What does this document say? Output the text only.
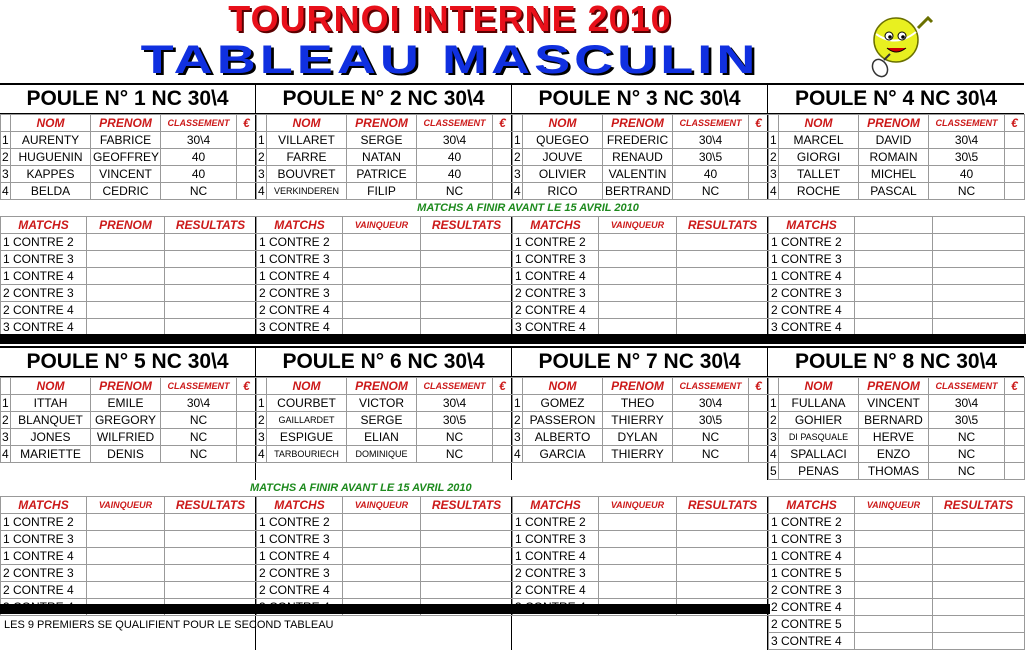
TOURNOI INTERNE 2010
TABLEAU MASCULIN
POULE N° 1 NC 30\4
	NOM	PRENOM	CLASSEMENT	€
1	AURENTY	FABRICE	30\4	
2	HUGUENIN	GEOFFREY	40	
3	KAPPES	VINCENT	40	
4	BELDA	CEDRIC	NC	
POULE N° 2 NC 30\4
	NOM	PRENOM	CLASSEMENT	€
1	VILLARET	SERGE	30\4	
2	FARRE	NATAN	40	
3	BOUVRET	PATRICE	40	
4	VERKINDEREN	FILIP	NC	
POULE N° 3 NC 30\4
	NOM	PRENOM	CLASSEMENT	€
1	QUEGEO	FREDERIC	30\4	
2	JOUVE	RENAUD	30\5	
3	OLIVIER	VALENTIN	40	
4	RICO	BERTRAND	NC	
POULE N° 4 NC 30\4
	NOM	PRENOM	CLASSEMENT	€
1	MARCEL	DAVID	30\4	
2	GIORGI	ROMAIN	30\5	
3	TALLET	MICHEL	40	
4	ROCHE	PASCAL	NC	
MATCHS A FINIR AVANT LE 15 AVRIL 2010
MATCHS	PRENOM	RESULTATS
1 CONTRE 2		
1 CONTRE 3		
1 CONTRE 4		
2 CONTRE 3		
2 CONTRE 4		
3 CONTRE 4		
MATCHS	VAINQUEUR	RESULTATS
1 CONTRE 2		
1 CONTRE 3		
1 CONTRE 4		
2 CONTRE 3		
2 CONTRE 4		
3 CONTRE 4		
MATCHS	VAINQUEUR	RESULTATS
1 CONTRE 2		
1 CONTRE 3		
1 CONTRE 4		
2 CONTRE 3		
2 CONTRE 4		
3 CONTRE 4		
MATCHS		
1 CONTRE 2		
1 CONTRE 3		
1 CONTRE 4		
2 CONTRE 3		
2 CONTRE 4		
3 CONTRE 4		
POULE N° 5 NC 30\4
	NOM	PRENOM	CLASSEMENT	€
1	ITTAH	EMILE	30\4	
2	BLANQUET	GREGORY	NC	
3	JONES	WILFRIED	NC	
4	MARIETTE	DENIS	NC	
POULE N° 6 NC 30\4
	NOM	PRENOM	CLASSEMENT	€
1	COURBET	VICTOR	30\4	
2	GAILLARDET	SERGE	30\5	
3	ESPIGUE	ELIAN	NC	
4	TARBOURIECH	DOMINIQUE	NC	
POULE N° 7 NC 30\4
	NOM	PRENOM	CLASSEMENT	€
1	GOMEZ	THEO	30\4	
2	PASSERON	THIERRY	30\5	
3	ALBERTO	DYLAN	NC	
4	GARCIA	THIERRY	NC	
POULE N° 8 NC 30\4
	NOM	PRENOM	CLASSEMENT	€
1	FULLANA	VINCENT	30\4	
2	GOHIER	BERNARD	30\5	
3	DI PASQUALE	HERVE	NC	
4	SPALLACI	ENZO	NC	
5	PENAS	THOMAS	NC	
MATCHS A FINIR AVANT LE 15 AVRIL 2010
MATCHS	VAINQUEUR	RESULTATS
1 CONTRE 2		
1 CONTRE 3		
1 CONTRE 4		
2 CONTRE 3		
2 CONTRE 4		

MATCHS	VAINQUEUR	RESULTATS
1 CONTRE 2		
1 CONTRE 3		
1 CONTRE 4		
2 CONTRE 3		
2 CONTRE 4		

MATCHS	VAINQUEUR	RESULTATS
1 CONTRE 2		
1 CONTRE 3		
1 CONTRE 4		
2 CONTRE 3		
2 CONTRE 4		

MATCHS	VAINQUEUR	RESULTATS
1 CONTRE 2		
1 CONTRE 3		
1 CONTRE 4		
1 CONTRE 5		
2 CONTRE 3		
2 CONTRE 4		
2 CONTRE 5		
3 CONTRE 4		
LES 9 PREMIERS SE QUALIFIENT POUR LE SECOND TABLEAU
